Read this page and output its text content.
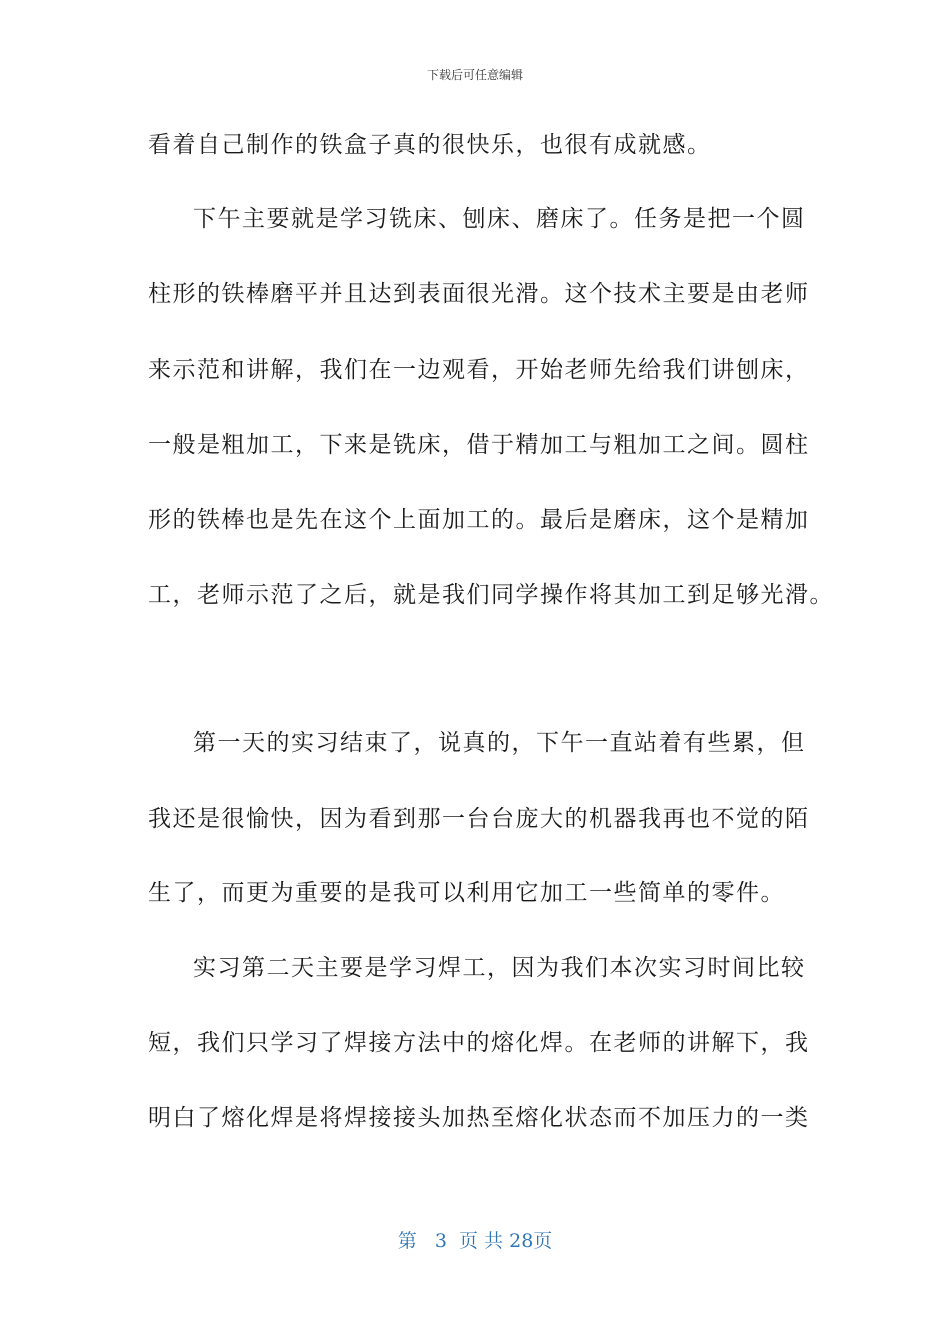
下载后可任意编辑
看着自己制作的铁盒子真的很快乐，也很有成就感。
下午主要就是学习铣床、刨床、磨床了。任务是把一个圆
柱形的铁棒磨平并且达到表面很光滑。这个技术主要是由老师
来示范和讲解，我们在一边观看，开始老师先给我们讲刨床，
一般是粗加工，下来是铣床，借于精加工与粗加工之间。圆柱
形的铁棒也是先在这个上面加工的。最后是磨床，这个是精加
工，老师示范了之后，就是我们同学操作将其加工到足够光滑。
第一天的实习结束了，说真的，下午一直站着有些累，但
我还是很愉快，因为看到那一台台庞大的机器我再也不觉的陌
生了，而更为重要的是我可以利用它加工一些简单的零件。
实习第二天主要是学习焊工，因为我们本次实习时间比较
短，我们只学习了焊接方法中的熔化焊。在老师的讲解下，我
明白了熔化焊是将焊接接头加热至熔化状态而不加压力的一类
第 3 页 共 28页
